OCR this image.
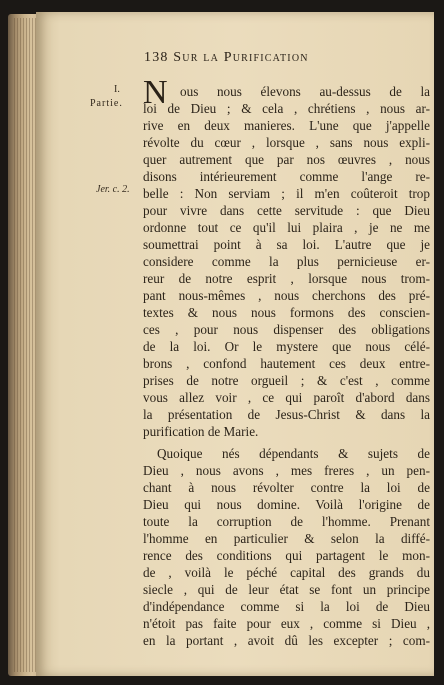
138 Sur la Purification
I.
Partie.
Jer. c. 2.
N ous nous élevons au-dessus de la
loi de Dieu ; & cela , chrétiens , nous ar-
rive en deux manieres. L'une que j'appelle
révolte du cœur , lorsque , sans nous expli-
quer autrement que par nos œuvres , nous
disons intérieurement comme l'ange re-
belle : Non serviam ; il m'en coûteroit trop
pour vivre dans cette servitude : que Dieu
ordonne tout ce qu'il lui plaira , je ne me
soumettrai point à sa loi. L'autre que je
considere comme la plus pernicieuse er-
reur de notre esprit , lorsque nous trom-
pant nous-mêmes , nous cherchons des pré-
textes & nous nous formons des conscien-
ces , pour nous dispenser des obligations
de la loi. Or le mystere que nous célé-
brons , confond hautement ces deux entre-
prises de notre orgueil ; & c'est , comme
vous allez voir , ce qui paroît d'abord dans
la présentation de Jesus-Christ & dans la
purification de Marie.
Quoique nés dépendants & sujets de
Dieu , nous avons , mes freres , un pen-
chant à nous révolter contre la loi de
Dieu qui nous domine. Voilà l'origine de
toute la corruption de l'homme. Prenant
l'homme en particulier & selon la diffé-
rence des conditions qui partagent le mon-
de , voilà le péché capital des grands du
siecle , qui de leur état se font un principe
d'indépendance comme si la loi de Dieu
n'étoit pas faite pour eux , comme si Dieu ,
en la portant , avoit dû les excepter ; com-
